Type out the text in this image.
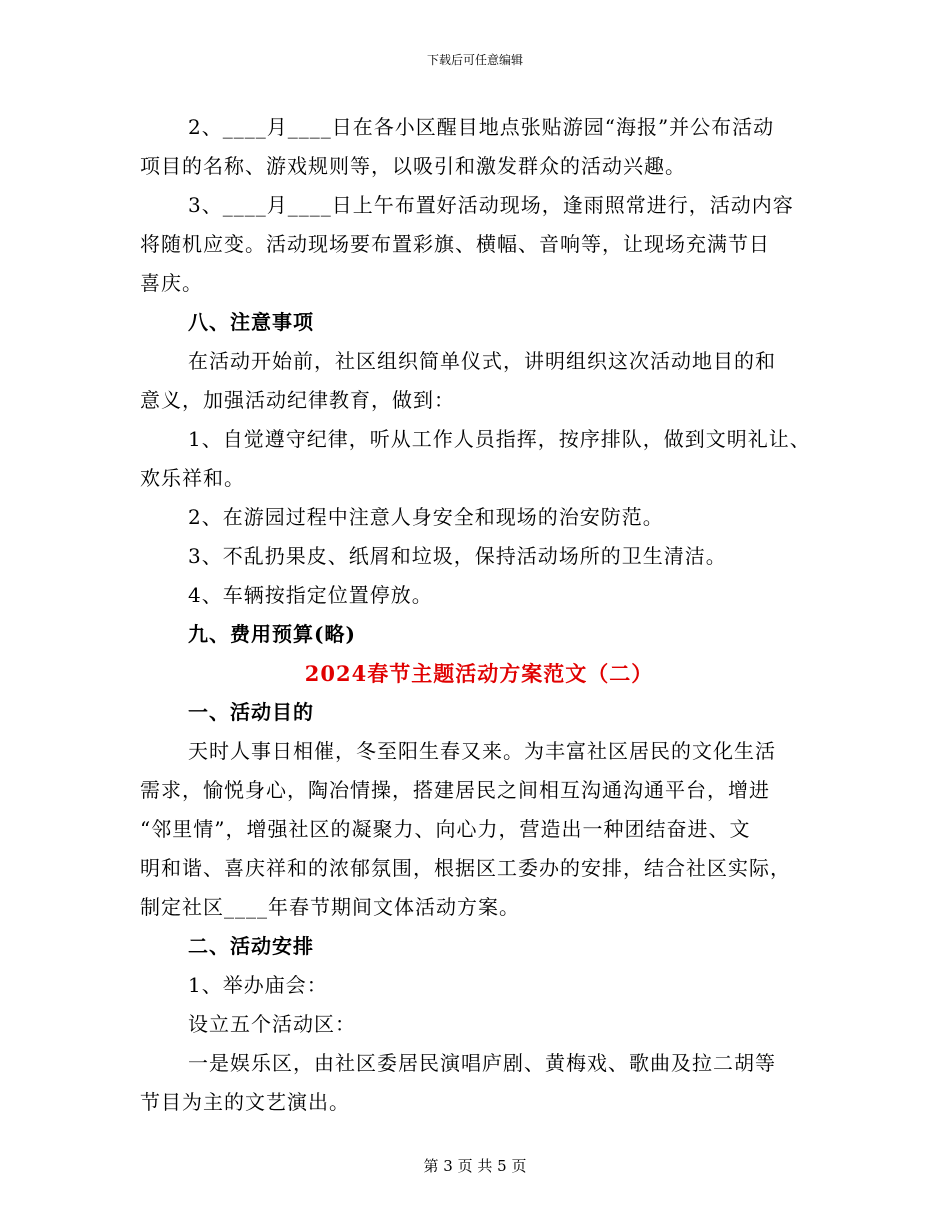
下载后可任意编辑
2、____月____日在各小区醒目地点张贴游园“海报”并公布活动
项目的名称、游戏规则等，以吸引和激发群众的活动兴趣。
3、____月____日上午布置好活动现场，逢雨照常进行，活动内容
将随机应变。活动现场要布置彩旗、横幅、音响等，让现场充满节日
喜庆。
八、注意事项
在活动开始前，社区组织简单仪式，讲明组织这次活动地目的和
意义，加强活动纪律教育，做到：
1、自觉遵守纪律，听从工作人员指挥，按序排队，做到文明礼让、
欢乐祥和。
2、在游园过程中注意人身安全和现场的治安防范。
3、不乱扔果皮、纸屑和垃圾，保持活动场所的卫生清洁。
4、车辆按指定位置停放。
九、费用预算(略)
2024春节主题活动方案范文（二）
一、活动目的
天时人事日相催，冬至阳生春又来。为丰富社区居民的文化生活
需求，愉悦身心，陶冶情操，搭建居民之间相互沟通沟通平台，增进
“邻里情”，增强社区的凝聚力、向心力，营造出一种团结奋进、文
明和谐、喜庆祥和的浓郁氛围，根据区工委办的安排，结合社区实际，
制定社区____年春节期间文体活动方案。
二、活动安排
1、举办庙会：
设立五个活动区：
一是娱乐区，由社区委居民演唱庐剧、黄梅戏、歌曲及拉二胡等
节目为主的文艺演出。
第 3 页 共 5 页
